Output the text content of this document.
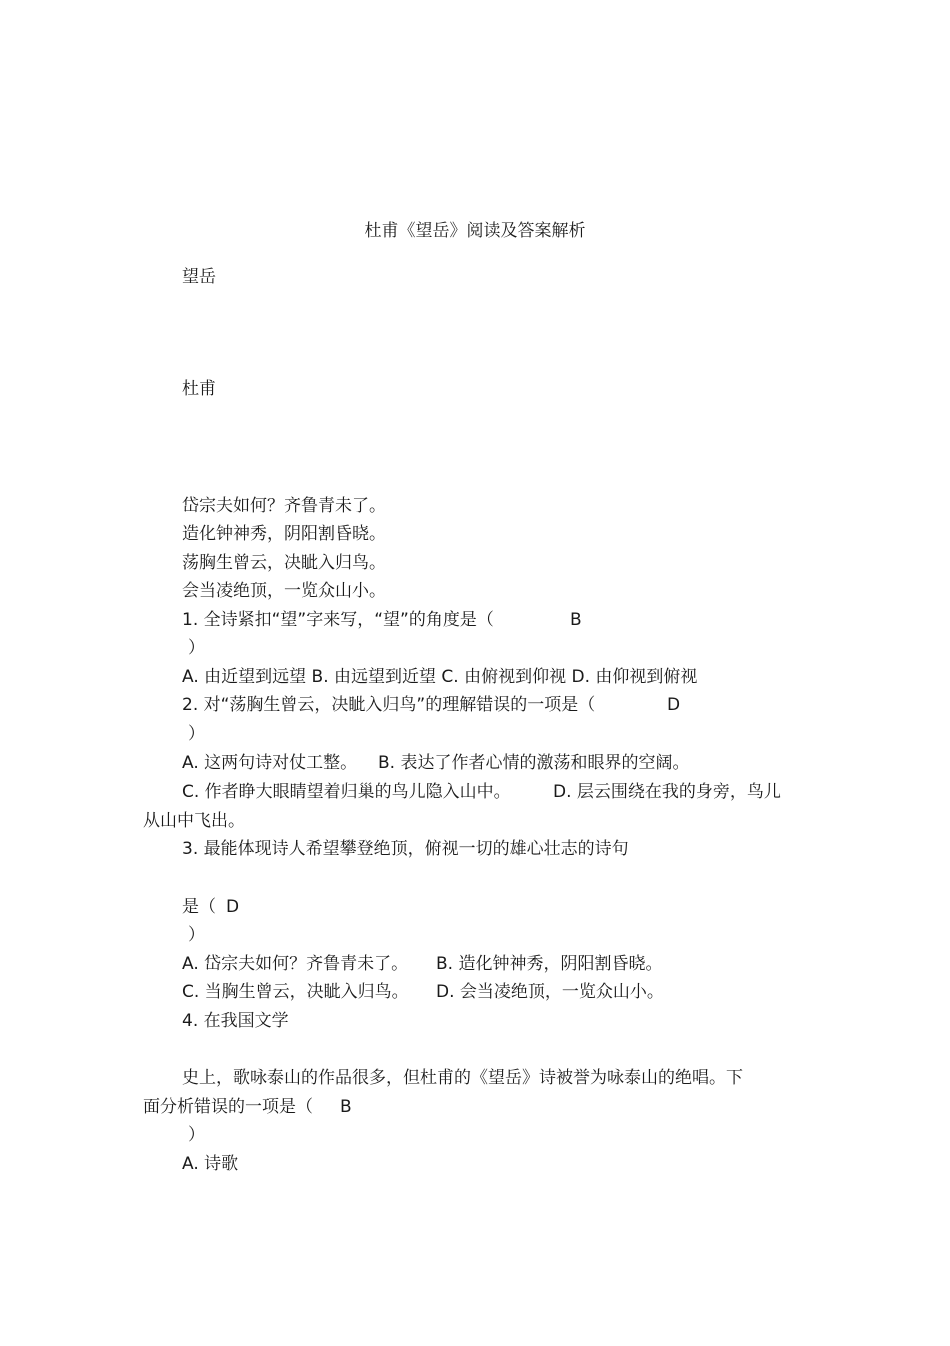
杜甫《望岳》阅读及答案解析
望岳
杜甫
岱宗夫如何？齐鲁青未了。
造化钟神秀，阴阳割昏晓。
荡胸生曾云，决眦入归鸟。
会当凌绝顶，一览众山小。
1. 全诗紧扣“望”字来写，“望”的角度是（	B
）
A. 由近望到远望 B. 由远望到近望 C. 由俯视到仰视 D. 由仰视到俯视
2. 对“荡胸生曾云，决眦入归鸟”的理解错误的一项是（	D
）
A. 这两句诗对仗工整。 B. 表达了作者心情的激荡和眼界的空阔。
C. 作者睁大眼睛望着归巢的鸟儿隐入山中。 D. 层云围绕在我的身旁，鸟儿
从山中飞出。
3. 最能体现诗人希望攀登绝顶，俯视一切的雄心壮志的诗句
是（ D
）
A. 岱宗夫如何？齐鲁青未了。 B. 造化钟神秀，阴阳割昏晓。
C. 当胸生曾云，决眦入归鸟。 D. 会当凌绝顶，一览众山小。
4. 在我国文学
史上，歌咏泰山的作品很多，但杜甫的《望岳》诗被誉为咏泰山的绝唱。下
面分析错误的一项是（ B
）
A. 诗歌
